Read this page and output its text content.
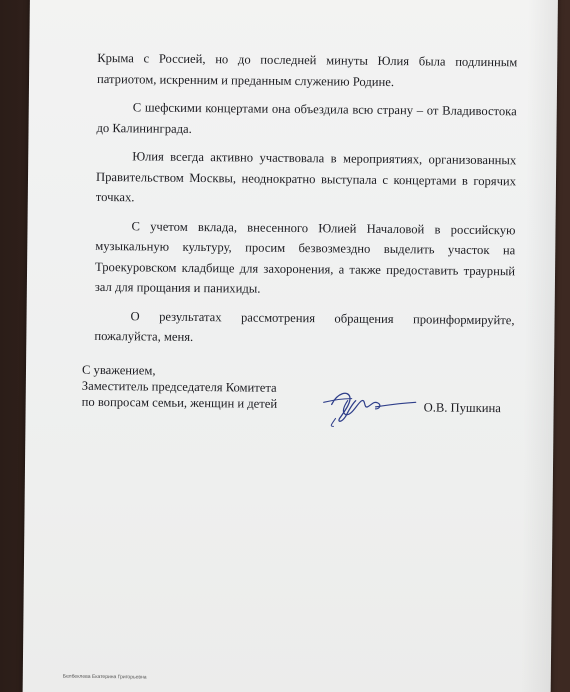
Крыма с Россией, но до последней минуты Юлия была подлинным патриотом, искренним и преданным служению Родине.

С шефскими концертами она объездила всю страну – от Владивостока до Калининграда.

Юлия всегда активно участвовала в мероприятиях, организованных Правительством Москвы, неоднократно выступала с концертами в горячих точках.

С учетом вклада, внесенного Юлией Началовой в российскую музыкальную культуру, просим безвозмездно выделить участок на Троекуровском кладбище для захоронения, а также предоставить траурный зал для прощания и панихиды.

О результатах рассмотрения обращения проинформируйте, пожалуйста, меня.

С уважением,
Заместитель председателя Комитета
по вопросам семьи, женщин и детей	О.В. Пушкина
Белбеклева Екатерина Григорьевна
